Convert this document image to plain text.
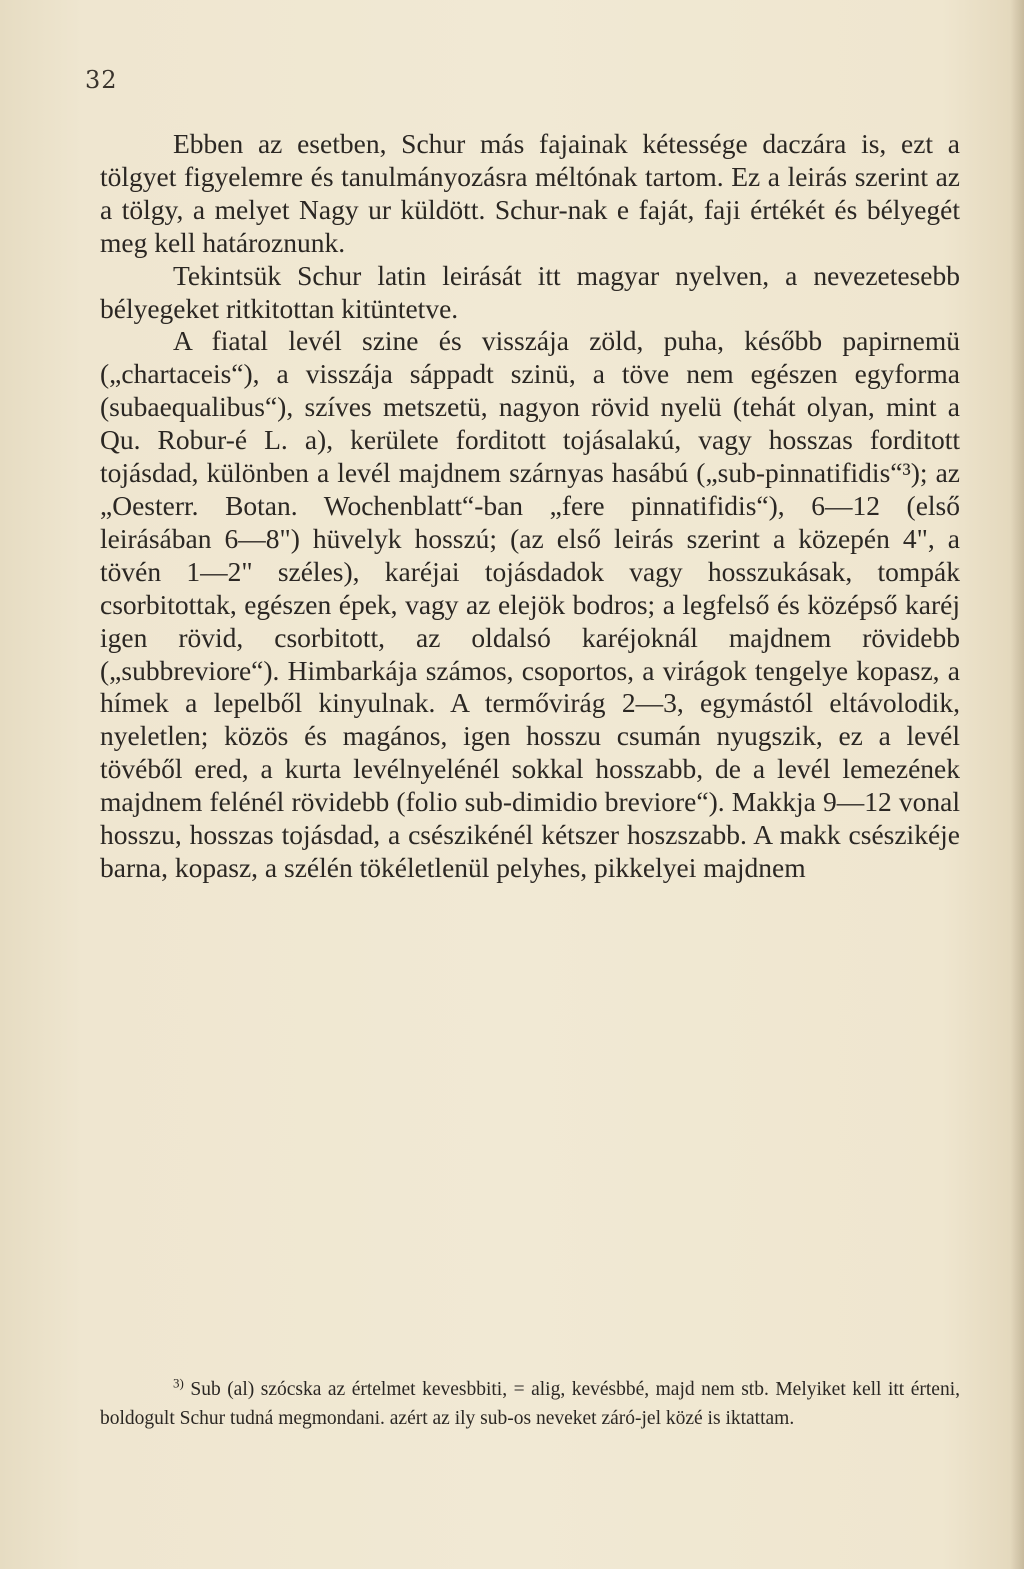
32

Ebben az esetben, Schur más fajainak kétessége daczára is, ezt a tölgyet figyelemre és tanulmányozásra méltónak tartom. Ez a leirás szerint az a tölgy, a melyet Nagy ur küldött. Schur-nak e faját, faji értékét és bélyegét meg kell határoznunk.

Tekintsük Schur latin leirását itt magyar nyelven, a nevezetesebb bélyegeket ritkitottan kitüntetve.

A fiatal levél szine és visszája zöld, puha, később papirnemü („chartaceis“), a visszája sáppadt szinü, a töve nem egészen egyforma (subaequalibus“), szíves metszetü, nagyon rövid nyelü (tehát olyan, mint a Qu. Robur-é L. a), kerülete forditott tojásalakú, vagy hosszas forditott tojásdad, különben a levél majdnem szárnyas hasábú („sub-pinnatifidis“³); az „Oesterr. Botan. Wochenblatt“-ban „fere pinnatifidis“), 6—12 (első leirásában 6—8") hüvelyk hosszú; (az első leirás szerint a közepén 4", a tövén 1—2" széles), karéjai tojásdadok vagy hosszukásak, tompák csorbitottak, egészen épek, vagy az elejök bodros; a legfelső és középső karéj igen rövid, csorbitott, az oldalsó karéjoknál majdnem rövidebb („subbreviore“). Himbarkája számos, csoportos, a virágok tengelye kopasz, a hímek a lepelből kinyulnak. A termővirág 2—3, egymástól eltávolodik, nyeletlen; közös és magános, igen hosszu csumán nyugszik, ez a levél tövéből ered, a kurta levélnyelénél sokkal hosszabb, de a levél lemezének majdnem felénél rövidebb (folio sub-dimidio breviore“). Makkja 9—12 vonal hosszu, hosszas tojásdad, a csészikénél kétszer hoszszabb. A makk csészikéje barna, kopasz, a szélén tökéletlenül pelyhes, pikkelyei majdnem

$^{3)}$ Sub (al) szócska az értelmet kevesbbiti, = alig, kevésbbé, majd nem stb. Melyiket kell itt érteni, boldogult Schur tudná megmondani. azért az ily sub-os neveket záró-jel közé is iktattam.
